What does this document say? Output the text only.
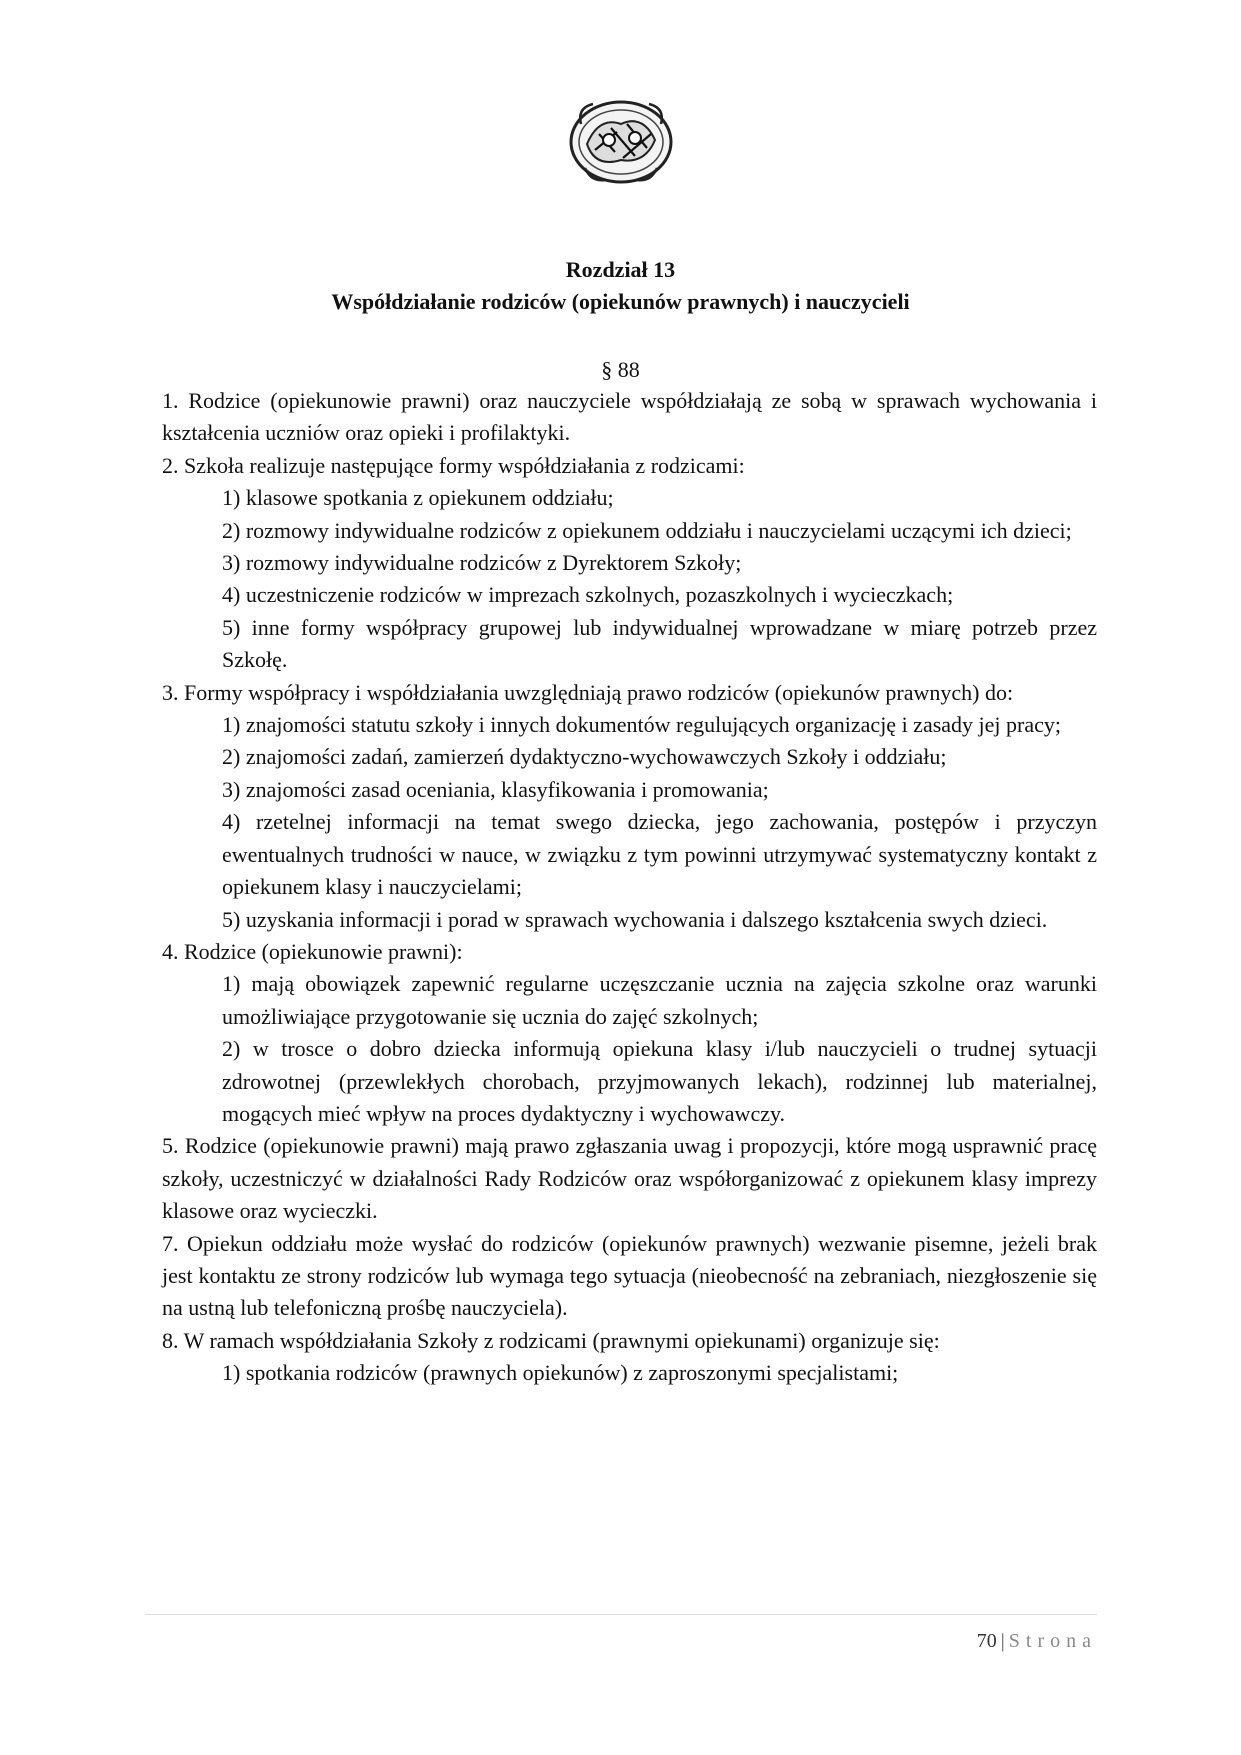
Rozdział 13
Współdziałanie rodziców (opiekunów prawnych) i nauczycieli
§ 88

1. Rodzice (opiekunowie prawni) oraz nauczyciele współdziałają ze sobą w sprawach wychowania i kształcenia uczniów oraz opieki i profilaktyki.

2. Szkoła realizuje następujące formy współdziałania z rodzicami:

1) klasowe spotkania z opiekunem oddziału;

2) rozmowy indywidualne rodziców z opiekunem oddziału i nauczycielami uczącymi ich dzieci;

3) rozmowy indywidualne rodziców z Dyrektorem Szkoły;

4) uczestniczenie rodziców w imprezach szkolnych, pozaszkolnych i wycieczkach;

5) inne formy współpracy grupowej lub indywidualnej wprowadzane w miarę potrzeb przez Szkołę.

3. Formy współpracy i współdziałania uwzględniają prawo rodziców (opiekunów prawnych) do:

1) znajomości statutu szkoły i innych dokumentów regulujących organizację i zasady jej pracy;

2) znajomości zadań, zamierzeń dydaktyczno-wychowawczych Szkoły i oddziału;

3) znajomości zasad oceniania, klasyfikowania i promowania;

4) rzetelnej informacji na temat swego dziecka, jego zachowania, postępów i przyczyn ewentualnych trudności w nauce, w związku z tym powinni utrzymywać systematyczny kontakt z opiekunem klasy i nauczycielami;

5) uzyskania informacji i porad w sprawach wychowania i dalszego kształcenia swych dzieci.

4. Rodzice (opiekunowie prawni):

1) mają obowiązek zapewnić regularne uczęszczanie ucznia na zajęcia szkolne oraz warunki umożliwiające przygotowanie się ucznia do zajęć szkolnych;

2) w trosce o dobro dziecka informują opiekuna klasy i/lub nauczycieli o trudnej sytuacji zdrowotnej (przewlekłych chorobach, przyjmowanych lekach), rodzinnej lub materialnej, mogących mieć wpływ na proces dydaktyczny i wychowawczy.

5. Rodzice (opiekunowie prawni) mają prawo zgłaszania uwag i propozycji, które mogą usprawnić pracę szkoły, uczestniczyć w działalności Rady Rodziców oraz współorganizować z opiekunem klasy imprezy klasowe oraz wycieczki.

7. Opiekun oddziału może wysłać do rodziców (opiekunów prawnych) wezwanie pisemne, jeżeli brak jest kontaktu ze strony rodziców lub wymaga tego sytuacja (nieobecność na zebraniach, niezgłoszenie się na ustną lub telefoniczną prośbę nauczyciela).

8. W ramach współdziałania Szkoły z rodzicami (prawnymi opiekunami) organizuje się:

1) spotkania rodziców (prawnych opiekunów) z zaproszonymi specjalistami;

70 | Strona
